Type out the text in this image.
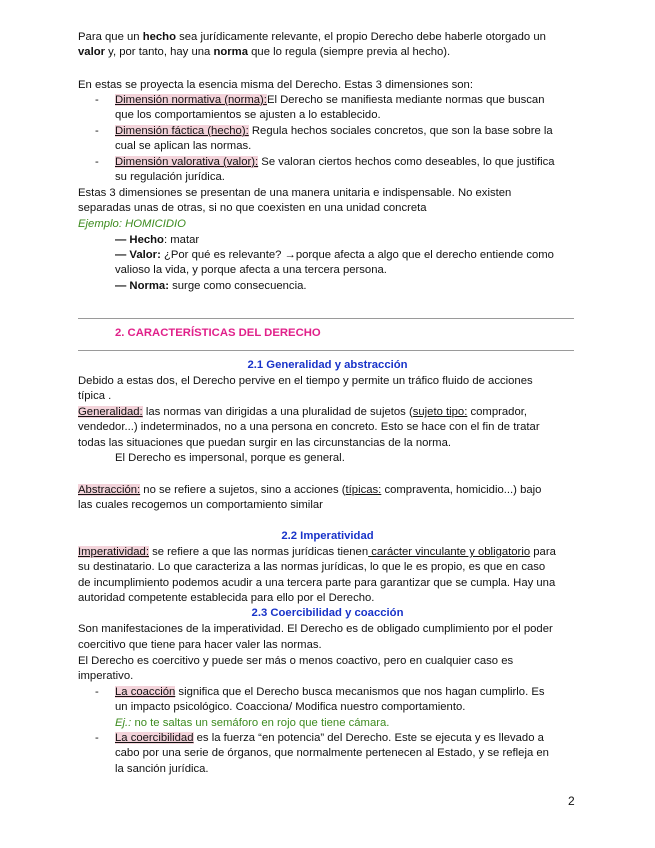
Para que un hecho sea jurídicamente relevante, el propio Derecho debe haberle otorgado un
valor y, por tanto, hay una norma que lo regula (siempre previa al hecho).
En estas se proyecta la esencia misma del Derecho. Estas 3 dimensiones son:
- Dimensión normativa (norma):El Derecho se manifiesta mediante normas que buscan
que los comportamientos se ajusten a lo establecido.
- Dimensión fáctica (hecho): Regula hechos sociales concretos, que son la base sobre la
cual se aplican las normas.
- Dimensión valorativa (valor): Se valoran ciertos hechos como deseables, lo que justifica
su regulación jurídica.
Estas 3 dimensiones se presentan de una manera unitaria e indispensable. No existen
separadas unas de otras, si no que coexisten en una unidad concreta
Ejemplo: HOMICIDIO
— Hecho: matar
— Valor: ¿Por qué es relevante? →porque afecta a algo que el derecho entiende como
valioso la vida, y porque afecta a una tercera persona.
— Norma: surge como consecuencia.
2. CARACTERÍSTICAS DEL DERECHO
2.1 Generalidad y abstracción
Debido a estas dos, el Derecho pervive en el tiempo y permite un tráfico fluido de acciones
típica .
Generalidad: las normas van dirigidas a una pluralidad de sujetos (sujeto tipo: comprador,
vendedor...) indeterminados, no a una persona en concreto. Esto se hace con el fin de tratar
todas las situaciones que puedan surgir en las circunstancias de la norma.
El Derecho es impersonal, porque es general.
Abstracción: no se refiere a sujetos, sino a acciones (típicas: compraventa, homicidio...) bajo
las cuales recogemos un comportamiento similar
2.2 Imperatividad
Imperatividad: se refiere a que las normas jurídicas tienen carácter vinculante y obligatorio para
su destinatario. Lo que caracteriza a las normas jurídicas, lo que le es propio, es que en caso
de incumplimiento podemos acudir a una tercera parte para garantizar que se cumpla. Hay una
autoridad competente establecida para ello por el Derecho.
2.3 Coercibilidad y coacción
Son manifestaciones de la imperatividad. El Derecho es de obligado cumplimiento por el poder
coercitivo que tiene para hacer valer las normas.
El Derecho es coercitivo y puede ser más o menos coactivo, pero en cualquier caso es
imperativo.
- La coacción significa que el Derecho busca mecanismos que nos hagan cumplirlo. Es
un impacto psicológico. Coacciona/ Modifica nuestro comportamiento.
Ej.: no te saltas un semáforo en rojo que tiene cámara.
- La coercibilidad es la fuerza “en potencia” del Derecho. Este se ejecuta y es llevado a
cabo por una serie de órganos, que normalmente pertenecen al Estado, y se refleja en
la sanción jurídica.
2
